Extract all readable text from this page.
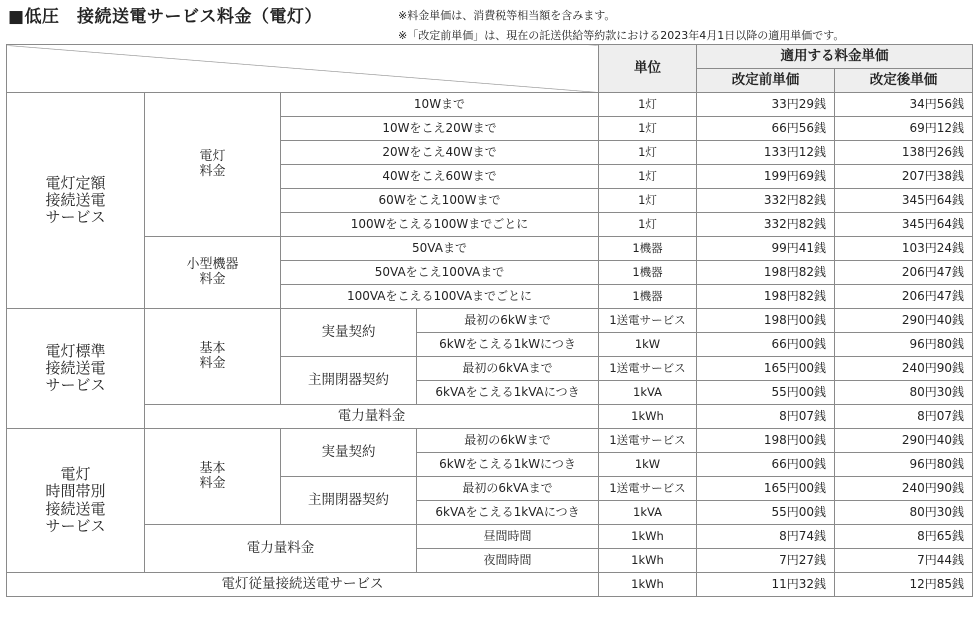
■低圧　接続送電サービス料金（電灯）	※料金単価は、消費税等相当額を含みます。
※「改定前単価」は、現在の託送供給等約款における2023年4月1日以降の適用単価です。
				単位	適用する料金単価	
					改定前単価	改定後単価
電灯定額
接続送電
サービス	電灯
料金	10Wまで		1灯	33円29銭	34円56銭
		10Wをこえ20Wまで		1灯	66円56銭	69円12銭
		20Wをこえ40Wまで		1灯	133円12銭	138円26銭
		40Wをこえ60Wまで		1灯	199円69銭	207円38銭
		60Wをこえ100Wまで		1灯	332円82銭	345円64銭
		100Wをこえる100Wまでごとに		1灯	332円82銭	345円64銭
	小型機器
料金	50VAまで		1機器	99円41銭	103円24銭
		50VAをこえ100VAまで		1機器	198円82銭	206円47銭
		100VAをこえる100VAまでごとに		1機器	198円82銭	206円47銭
電灯標準
接続送電
サービス	基本
料金	実量契約	最初の6kWまで	1送電サービス	198円00銭	290円40銭
			6kWをこえる1kWにつき	1kW	66円00銭	96円80銭
		主開閉器契約	最初の6kVAまで	1送電サービス	165円00銭	240円90銭
			6kVAをこえる1kVAにつき	1kVA	55円00銭	80円30銭
	電力量料金			1kWh	8円07銭	8円07銭
電灯
時間帯別
接続送電
サービス	基本
料金	実量契約	最初の6kWまで	1送電サービス	198円00銭	290円40銭
			6kWをこえる1kWにつき	1kW	66円00銭	96円80銭
		主開閉器契約	最初の6kVAまで	1送電サービス	165円00銭	240円90銭
			6kVAをこえる1kVAにつき	1kVA	55円00銭	80円30銭
	電力量料金		昼間時間	1kWh	8円74銭	8円65銭
			夜間時間	1kWh	7円27銭	7円44銭
電灯従量接続送電サービス				1kWh	11円32銭	12円85銭
